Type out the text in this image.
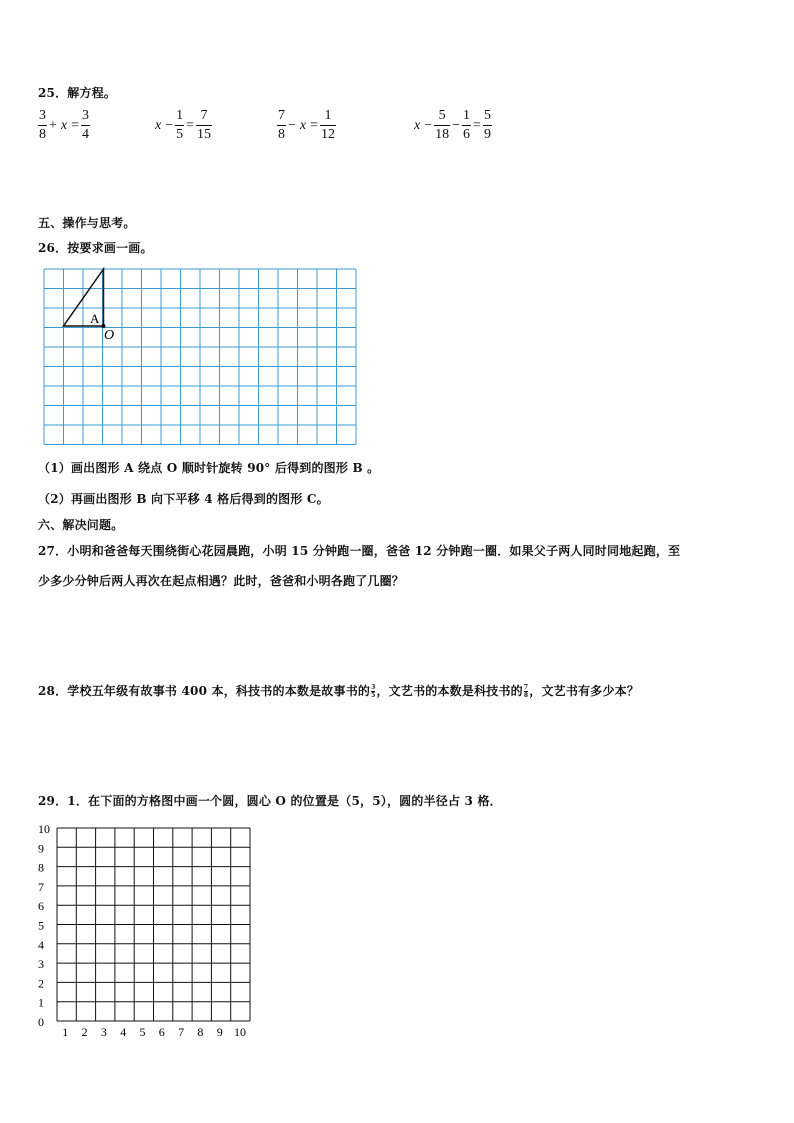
25．解方程。
$\frac{3}{8} + x = \frac{3}{4}$	$x - \frac{1}{5} = \frac{7}{15}$	$\frac{7}{8} - x = \frac{1}{12}$	$x - \frac{5}{18} - \frac{1}{6} = \frac{5}{9}$
五、操作与思考。
26．按要求画一画。
A
O
（1）画出图形 A 绕点 O 顺时针旋转 90° 后得到的图形 B 。
（2）再画出图形 B 向下平移 4 格后得到的图形 C。
六、解决问题。
27．小明和爸爸每天围绕街心花园晨跑，小明 15 分钟跑一圈，爸爸 12 分钟跑一圈．如果父子两人同时同地起跑，至
少多少分钟后两人再次在起点相遇？此时，爸爸和小明各跑了几圈？
28．学校五年级有故事书 400 本，科技书的本数是故事书的 $\frac{3}{5}$ ，文艺书的本数是科技书的 $\frac{7}{8}$ ，文艺书有多少本？
29．1．在下面的方格图中画一个圆，圆心 O 的位置是（5，5），圆的半径占 3 格．
10
9
8
7
6
5
4
3
2
1
0
1 2 3 4 5 6 7 8 9 10
